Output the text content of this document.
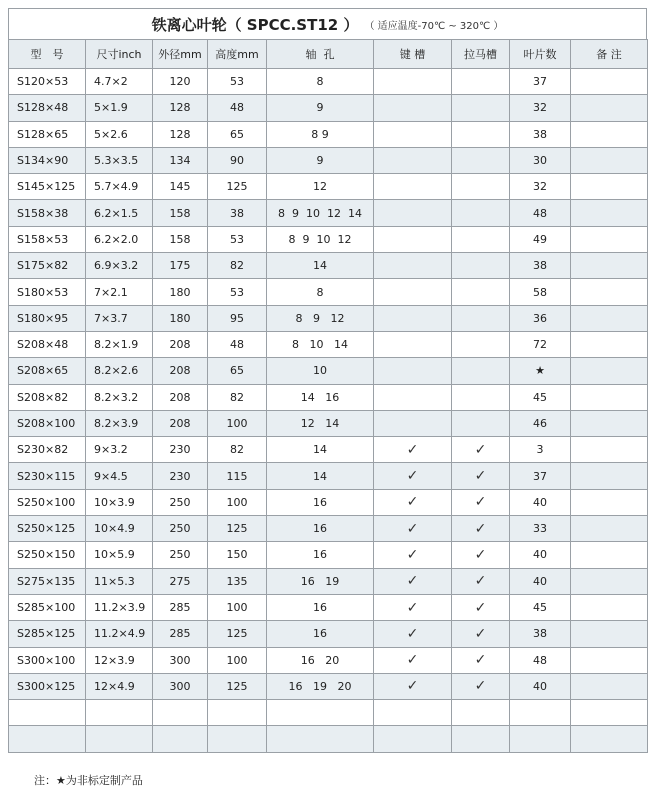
铁离心叶轮 （ SPCC.ST12 ） （ 适应温度-70℃ ~ 320℃ ）
型　号	尺寸inch	外径mm	高度mm	轴  孔	键 槽	拉马槽	叶片数	备 注
S120×53	4.7×2	120	53	8			37	
S128×48	5×1.9	128	48	9			32	
S128×65	5×2.6	128	65	8 9			38	
S134×90	5.3×3.5	134	90	9			30	
S145×125	5.7×4.9	145	125	12			32	
S158×38	6.2×1.5	158	38	8  9  10  12  14			48	
S158×53	6.2×2.0	158	53	8  9  10  12			49	
S175×82	6.9×3.2	175	82	14			38	
S180×53	7×2.1	180	53	8			58	
S180×95	7×3.7	180	95	8   9   12			36	
S208×48	8.2×1.9	208	48	8   10   14			72	
S208×65	8.2×2.6	208	65	10			★	
S208×82	8.2×3.2	208	82	14   16			45	
S208×100	8.2×3.9	208	100	12   14			46	
S230×82	9×3.2	230	82	14	✓	✓	3	
S230×115	9×4.5	230	115	14	✓	✓	37	
S250×100	10×3.9	250	100	16	✓	✓	40	
S250×125	10×4.9	250	125	16	✓	✓	33	
S250×150	10×5.9	250	150	16	✓	✓	40	
S275×135	11×5.3	275	135	16   19	✓	✓	40	
S285×100	11.2×3.9	285	100	16	✓	✓	45	
S285×125	11.2×4.9	285	125	16	✓	✓	38	
S300×100	12×3.9	300	100	16   20	✓	✓	48	
S300×125	12×4.9	300	125	16   19   20	✓	✓	40	

注：★为非标定制产品
